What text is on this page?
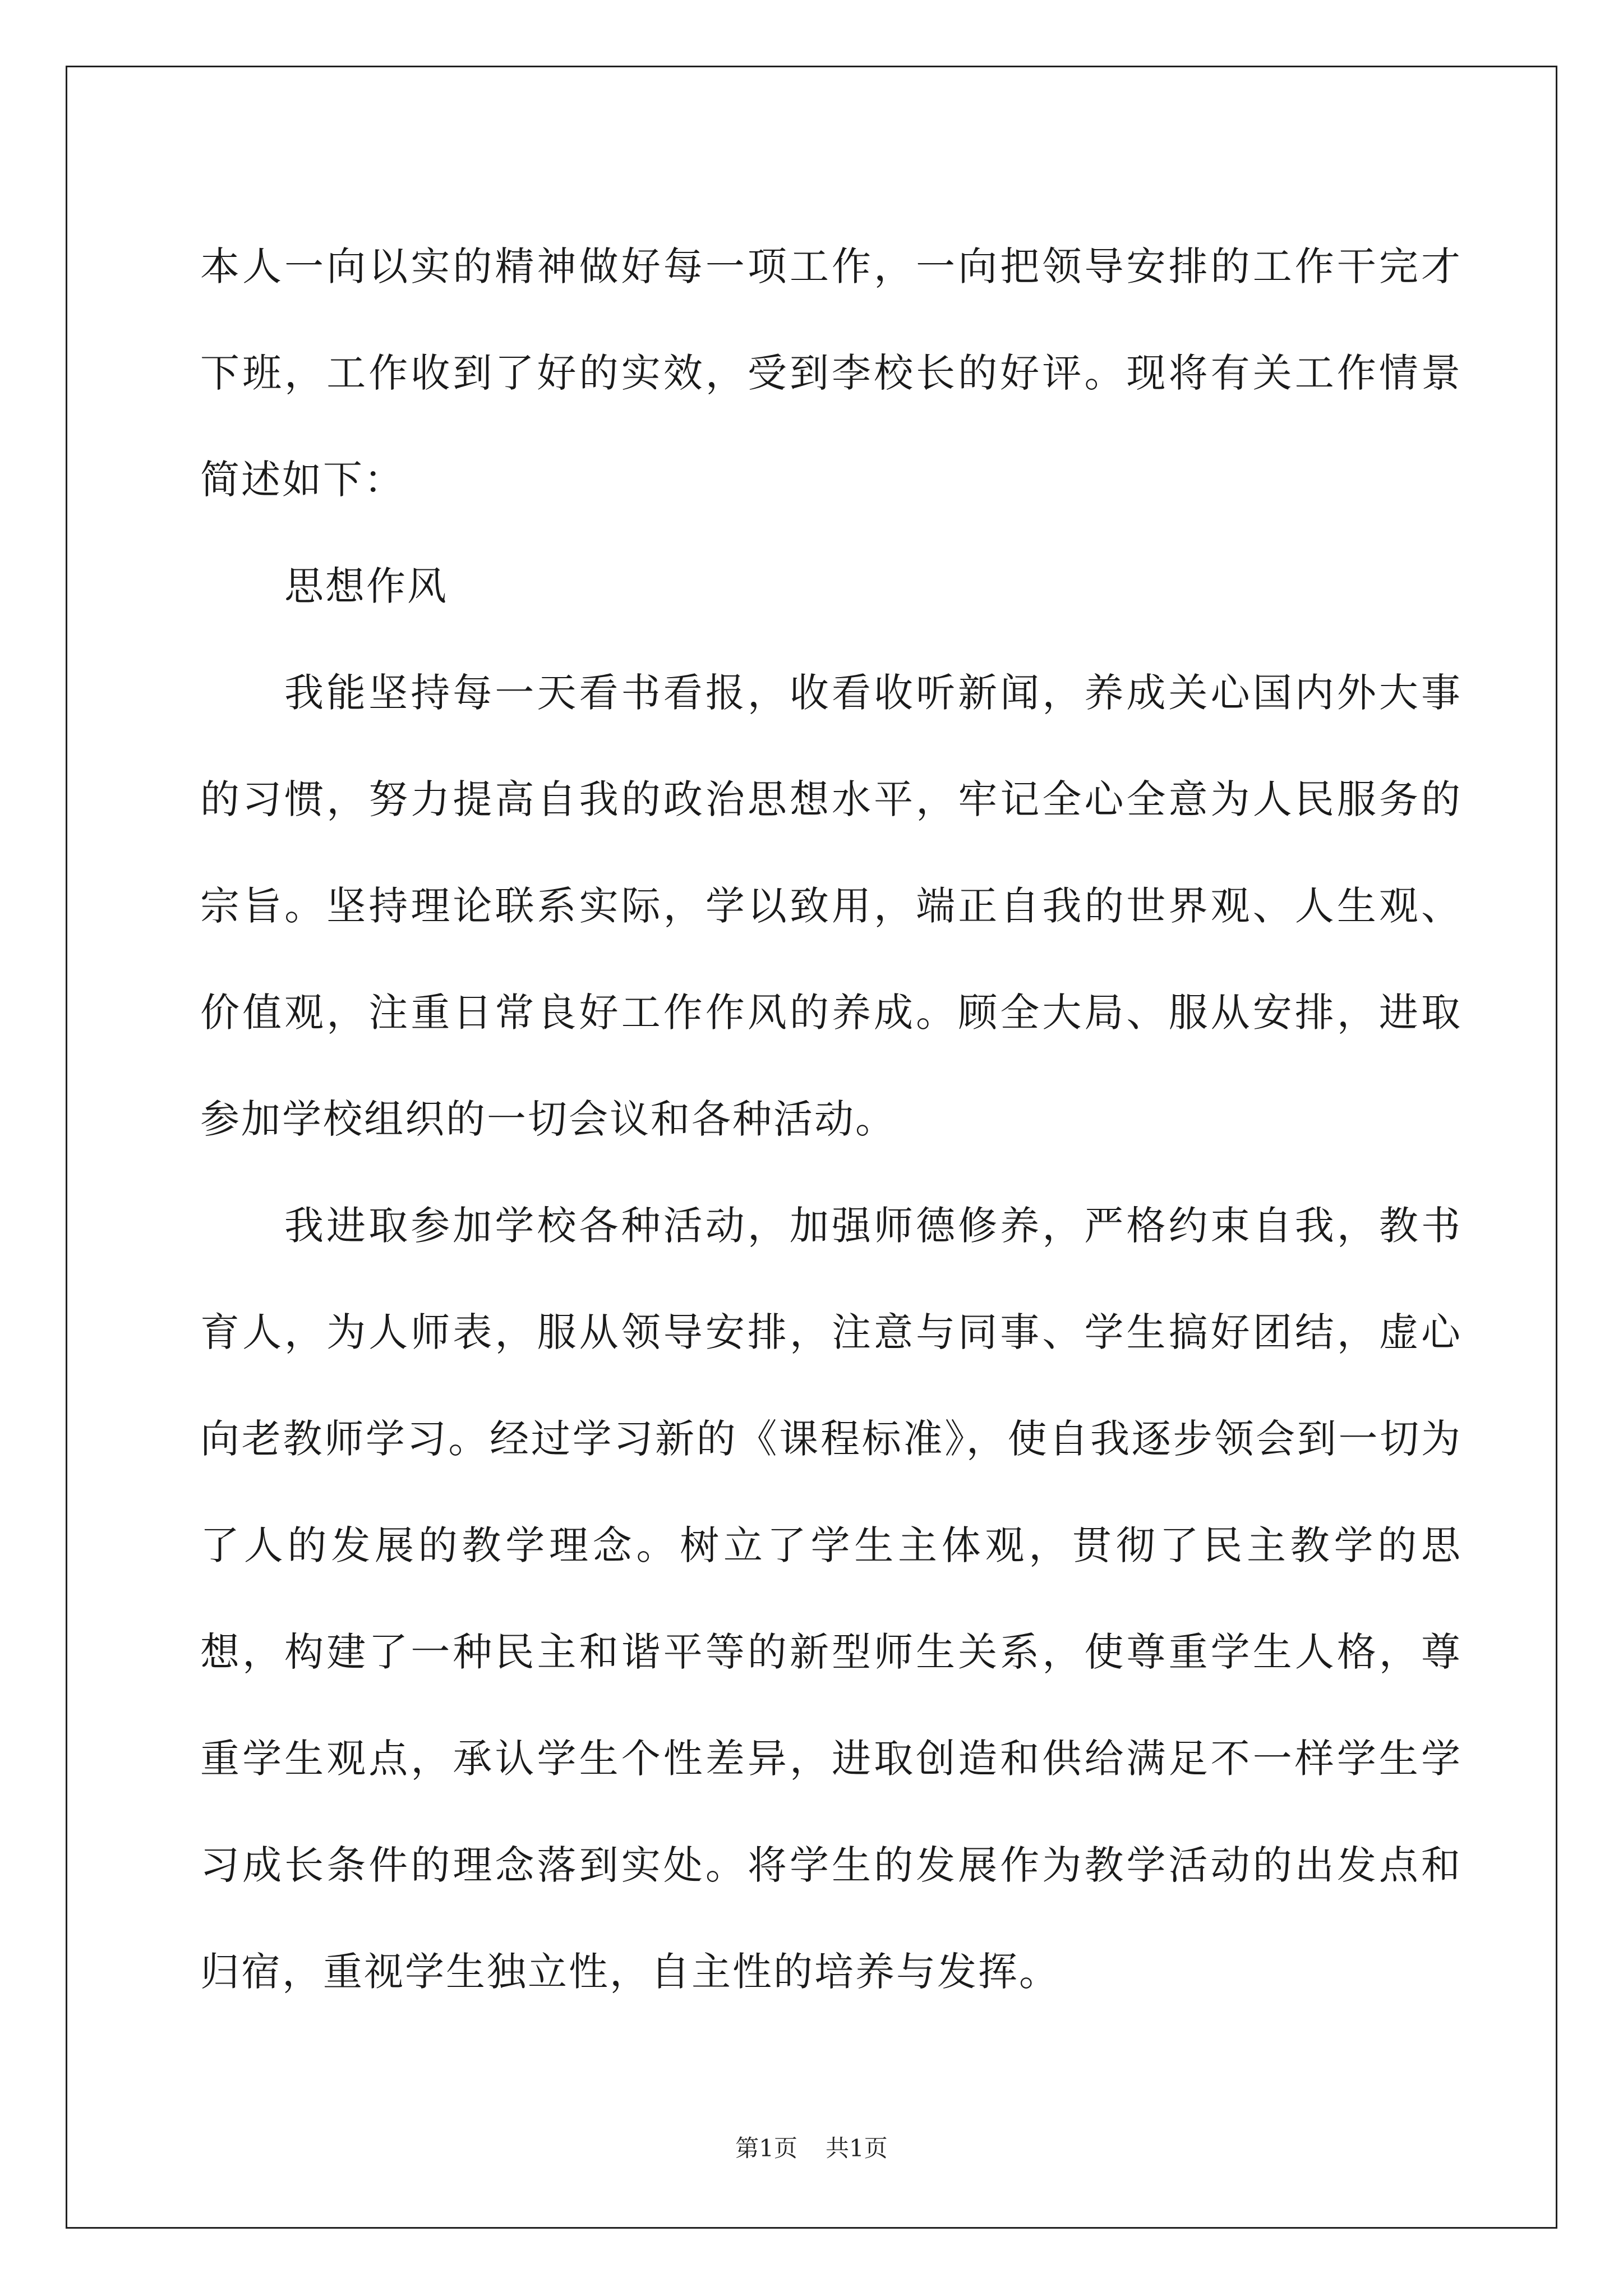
本人一向以实的精神做好每一项工作，一向把领导安排的工作干完才下班，工作收到了好的实效，受到李校长的好评。现将有关工作情景简述如下：

思想作风

我能坚持每一天看书看报，收看收听新闻，养成关心国内外大事的习惯，努力提高自我的政治思想水平，牢记全心全意为人民服务的宗旨。坚持理论联系实际，学以致用，端正自我的世界观、人生观、价值观，注重日常良好工作作风的养成。顾全大局、服从安排，进取参加学校组织的一切会议和各种活动。

我进取参加学校各种活动，加强师德修养，严格约束自我，教书育人，为人师表，服从领导安排，注意与同事、学生搞好团结，虚心向老教师学习。经过学习新的《课程标准》，使自我逐步领会到一切为了人的发展的教学理念。树立了学生主体观，贯彻了民主教学的思想，构建了一种民主和谐平等的新型师生关系，使尊重学生人格，尊重学生观点，承认学生个性差异，进取创造和供给满足不一样学生学习成长条件的理念落到实处。将学生的发展作为教学活动的出发点和归宿，重视学生独立性，自主性的培养与发挥。

第1页 共1页
